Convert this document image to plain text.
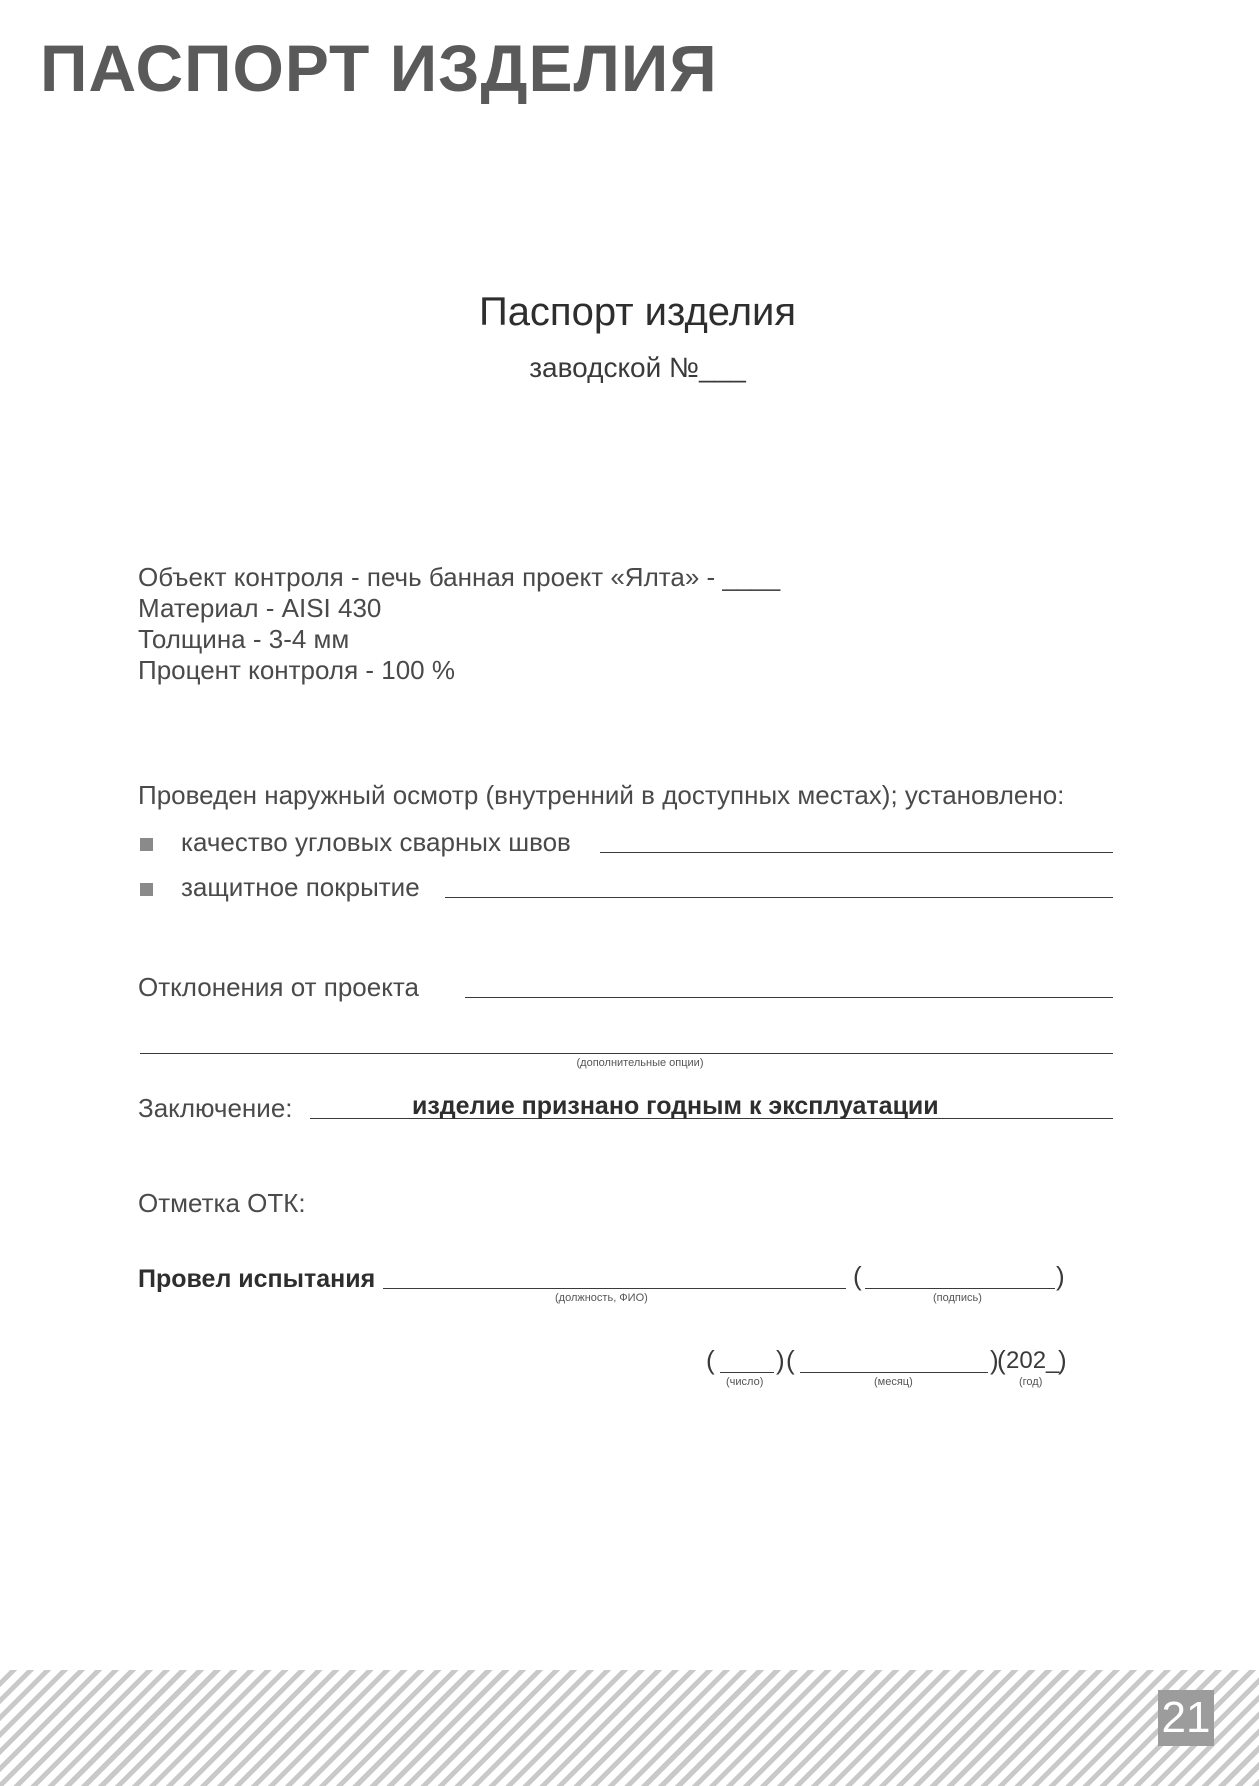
ПАСПОРТ ИЗДЕЛИЯ
Паспорт изделия
заводской №___
Объект контроля - печь банная проект «Ялта» - ____
Материал - AISI 430
Толщина - 3-4 мм
Процент контроля - 100 %
Проведен наружный осмотр (внутренний в доступных местах); установлено:
качество угловых сварных швов
защитное покрытие
Отклонения от проекта
(дополнительные опции)
Заключение:	изделие признано годным к эксплуатации
Отметка ОТК:
Провел испытания
(должность, ФИО)
(	)
(подпись)
( ) (	)
( 202_
)
(число)	(месяц)	(год)
21
